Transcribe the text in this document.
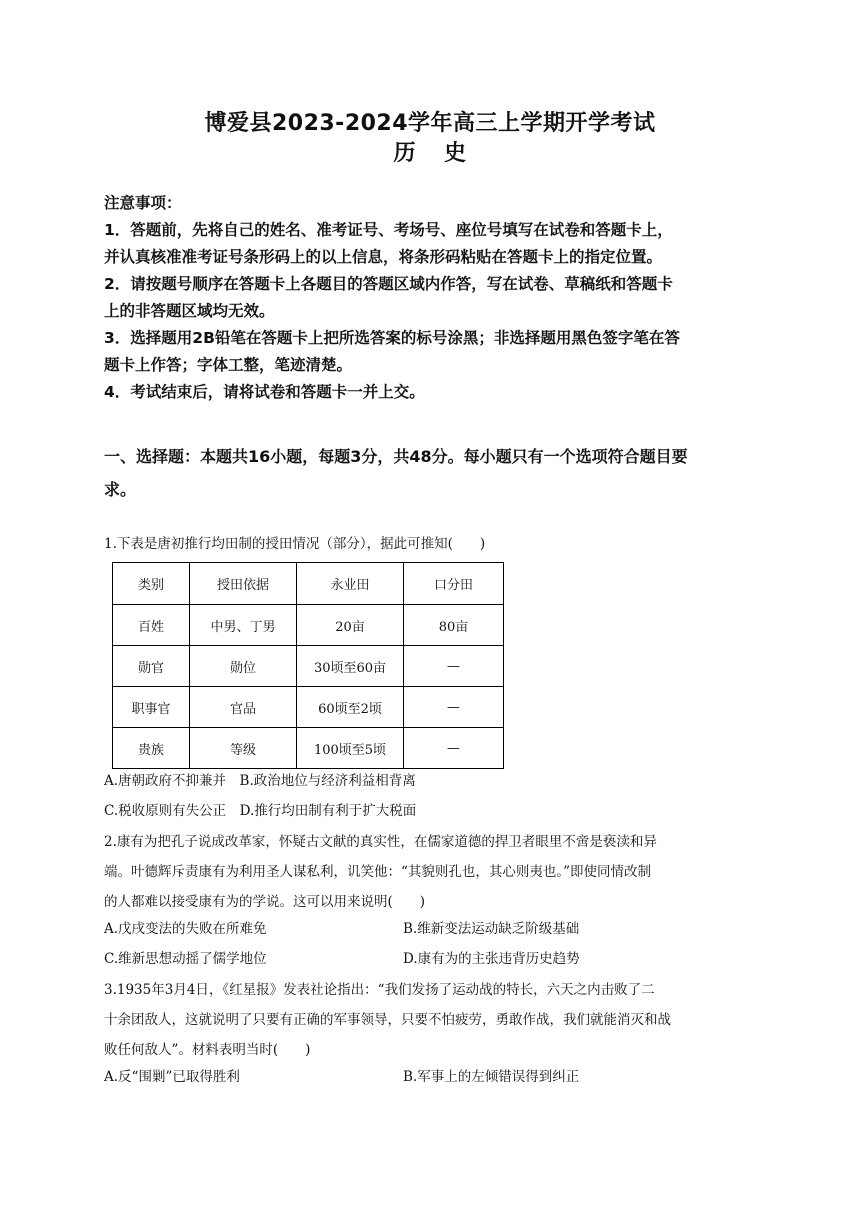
博爱县2023-2024学年高三上学期开学考试
历 史

注意事项：

1．答题前，先将自己的姓名、准考证号、考场号、座位号填写在试卷和答题卡上，

并认真核准准考证号条形码上的以上信息，将条形码粘贴在答题卡上的指定位置。

2．请按题号顺序在答题卡上各题目的答题区域内作答，写在试卷、草稿纸和答题卡

上的非答题区域均无效。

3．选择题用2B铅笔在答题卡上把所选答案的标号涂黑；非选择题用黑色签字笔在答

题卡上作答；字体工整，笔迹清楚。

4．考试结束后，请将试卷和答题卡一并上交。

一、选择题：本题共16小题，每题3分，共48分。每小题只有一个选项符合题目要
求。
1.下表是唐初推行均田制的授田情况（部分），据此可推知(　　)
类别	授田依据	永业田	口分田
百姓	中男、丁男	20亩	80亩
勋官	勋位	30顷至60亩	—
职事官	官品	60顷至2顷	—
贵族	等级	100顷至5顷	—
A.唐朝政府不抑兼并　B.政治地位与经济利益相背离
C.税收原则有失公正　D.推行均田制有利于扩大税面

2.康有为把孔子说成改革家，怀疑古文献的真实性，在儒家道德的捍卫者眼里不啻是亵渎和异

端。叶德辉斥责康有为利用圣人谋私利，讥笑他：“其貌则孔也，其心则夷也。”即使同情改制

的人都难以接受康有为的学说。这可以用来说明(　　)

A.戊戌变法的失败在所难免	B.维新变法运动缺乏阶级基础
C.维新思想动摇了儒学地位	D.康有为的主张违背历史趋势

3.1935年3月4日，《红星报》发表社论指出：“我们发扬了运动战的特长，六天之内击败了二

十余团敌人，这就说明了只要有正确的军事领导，只要不怕疲劳，勇敢作战，我们就能消灭和战

败任何敌人”。材料表明当时(　　)

A.反“围剿”已取得胜利	B.军事上的左倾错误得到纠正
